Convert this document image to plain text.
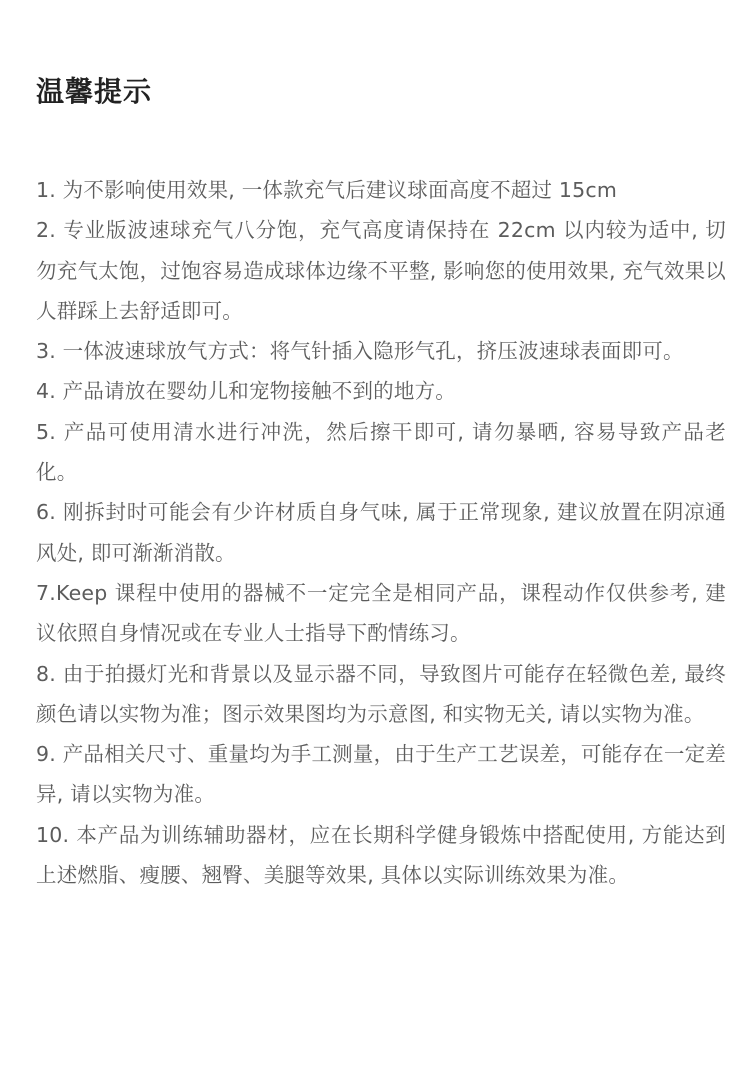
温馨提示
1. 为不影响使用效果, 一体款充气后建议球面高度不超过 15cm
2. 专业版波速球充气八分饱，充气高度请保持在 22cm 以内较为适中, 切勿充气太饱，过饱容易造成球体边缘不平整, 影响您的使用效果, 充气效果以人群踩上去舒适即可。
3. 一体波速球放气方式：将气针插入隐形气孔，挤压波速球表面即可。
4. 产品请放在婴幼儿和宠物接触不到的地方。
5. 产品可使用清水进行冲洗，然后擦干即可, 请勿暴晒, 容易导致产品老化。
6. 刚拆封时可能会有少许材质自身气味, 属于正常现象, 建议放置在阴凉通风处, 即可渐渐消散。
7.Keep 课程中使用的器械不一定完全是相同产品，课程动作仅供参考, 建议依照自身情况或在专业人士指导下酌情练习。
8. 由于拍摄灯光和背景以及显示器不同，导致图片可能存在轻微色差, 最终颜色请以实物为准；图示效果图均为示意图, 和实物无关, 请以实物为准。
9. 产品相关尺寸、重量均为手工测量，由于生产工艺误差，可能存在一定差异, 请以实物为准。
10. 本产品为训练辅助器材，应在长期科学健身锻炼中搭配使用, 方能达到上述燃脂、瘦腰、翘臀、美腿等效果, 具体以实际训练效果为准。
